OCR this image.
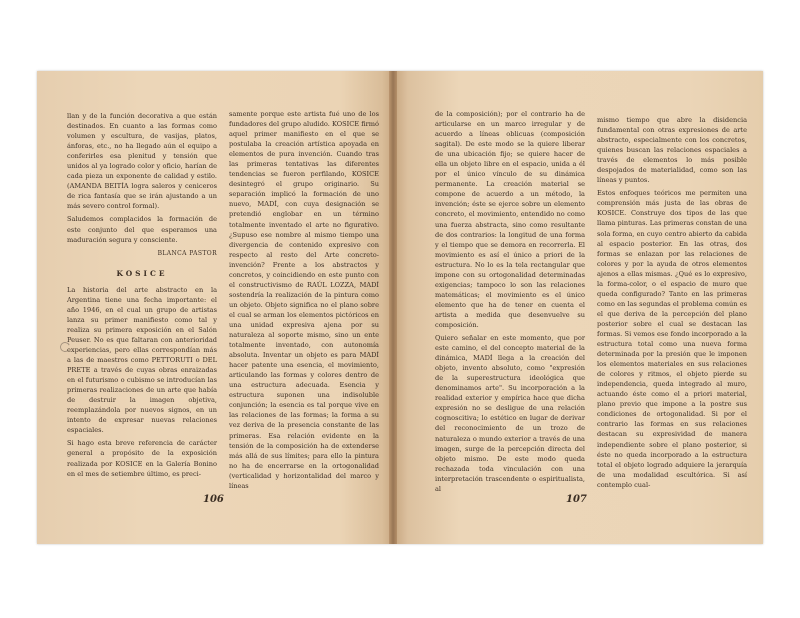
llan y de la función decorativa a que están destinados. En cuanto a las formas como volumen y escultura, de vasijas, platos, ánforas, etc., no ha llegado aún el equipo a conferirles esa plenitud y tensión que unidos al ya logrado color y oficio, harían de cada pieza un exponente de calidad y estilo. (AMANDA BEITÍA logra saleros y ceniceros de rica fantasía que se irán ajustando a un más severo control formal).

Saludemos complacidos la formación de este conjunto del que esperamos una maduración segura y consciente.

BLANCA PASTOR
KOSICE

La historia del arte abstracto en la Argentina tiene una fecha importante: el año 1946, en el cual un grupo de artistas lanza su primer manifiesto como tal y realiza su primera exposición en el Salón Peuser. No es que faltaran con anterioridad experiencias, pero ellas correspondían más a las de maestros como PETTORUTI o DEL PRETE a través de cuyas obras enraizadas en el futurismo o cubismo se introducían las primeras realizaciones de un arte que había de destruir la imagen objetiva, reemplazándola por nuevos signos, en un intento de expresar nuevas relaciones espaciales.

Si hago esta breve referencia de carácter general a propósito de la exposición realizada por KOSICE en la Galería Bonino en el mes de setiembre último, es preci-

samente porque este artista fué uno de los fundadores del grupo aludido. KOSICE firmó aquel primer manifiesto en el que se postulaba la creación artística apoyada en elementos de pura invención. Cuando tras las primeras tentativas las diferentes tendencias se fueron perfilando, KOSICE desintegró el grupo originario. Su separación implicó la formación de uno nuevo, MADÍ, con cuya designación se pretendió englobar en un término totalmente inventado el arte no figurativo. ¿Supuso ese nombre al mismo tiempo una divergencia de contenido expresivo con respecto al resto del Arte concreto-invención? Frente a los abstractos y concretos, y coincidiendo en este punto con el constructivismo de RAÚL LOZZA, MADÍ sostendría la realización de la pintura como un objeto. Objeto significa no el plano sobre el cual se arman los elementos pictóricos en una unidad expresiva ajena por su naturaleza al soporte mismo, sino un ente totalmente inventado, con autonomía absoluta. Inventar un objeto es para MADÍ hacer patente una esencia, el movimiento, articulando las formas y colores dentro de una estructura adecuada. Esencia y estructura suponen una indisoluble conjunción; la esencia es tal porque vive en las relaciones de las formas; la forma a su vez deriva de la presencia constante de las primeras. Esa relación evidente en la tensión de la composición ha de extenderse más allá de sus límites; para ello la pintura no ha de encerrarse en la ortogonalidad (verticalidad y horizontalidad del marco y líneas

106

de la composición); por el contrario ha de articularse en un marco irregular y de acuerdo a líneas oblicuas (composición sagital). De este modo se la quiere liberar de una ubicación fijo; se quiere hacer de ella un objeto libre en el espacio, unida a él por el único vínculo de su dinámica permanente. La creación material se compone de acuerdo a un método, la invención; éste se ejerce sobre un elemento concreto, el movimiento, entendido no como una fuerza abstracta, sino como resultante de dos contrarios: la longitud de una forma y el tiempo que se demora en recorrerla. El movimiento es así el único a priori de la estructura. No lo es la tela rectangular que impone con su ortogonalidad determinadas exigencias; tampoco lo son las relaciones matemáticas; el movimiento es el único elemento que ha de tener en cuenta el artista a medida que desenvuelve su composición.

Quiero señalar en este momento, que por este camino, el del concepto material de la dinámica, MADÍ llega a la creación del objeto, invento absoluto, como "expresión de la superestructura ideológica que denominamos arte". Su incorporación a la realidad exterior y empírica hace que dicha expresión no se desligue de una relación cognoscitiva; lo estético en lugar de derivar del reconocimiento de un trozo de naturaleza o mundo exterior a través de una imagen, surge de la percepción directa del objeto mismo. De este modo queda rechazada toda vinculación con una interpretación trascendente o espiritualista, al

mismo tiempo que abre la disidencia fundamental con otras expresiones de arte abstracto, especialmente con los concretos, quienes buscan las relaciones espaciales a través de elementos lo más posible despojados de materialidad, como son las líneas y puntos.

Estos enfoques teóricos me permiten una comprensión más justa de las obras de KOSICE. Construye dos tipos de las que llama pinturas. Las primeras constan de una sola forma, en cuyo centro abierto da cabida al espacio posterior. En las otras, dos formas se enlazan por las relaciones de colores y por la ayuda de otros elementos ajenos a ellas mismas. ¿Qué es lo expresivo, la forma-color, o el espacio de muro que queda configurado? Tanto en las primeras como en las segundas el problema común es el que deriva de la percepción del plano posterior sobre el cual se destacan las formas. Si vemos ese fondo incorporado a la estructura total como una nueva forma determinada por la presión que le imponen los elementos materiales en sus relaciones de colores y ritmos, el objeto pierde su independencia, queda integrado al muro, actuando éste como el a priori material, plano previo que impone a la postre sus condiciones de ortogonalidad. Si por el contrario las formas en sus relaciones destacan su expresividad de manera independiente sobre el plano posterior, si éste no queda incorporado a la estructura total el objeto logrado adquiere la jerarquía de una modalidad escultórica. Si así contemplo cual-

107
